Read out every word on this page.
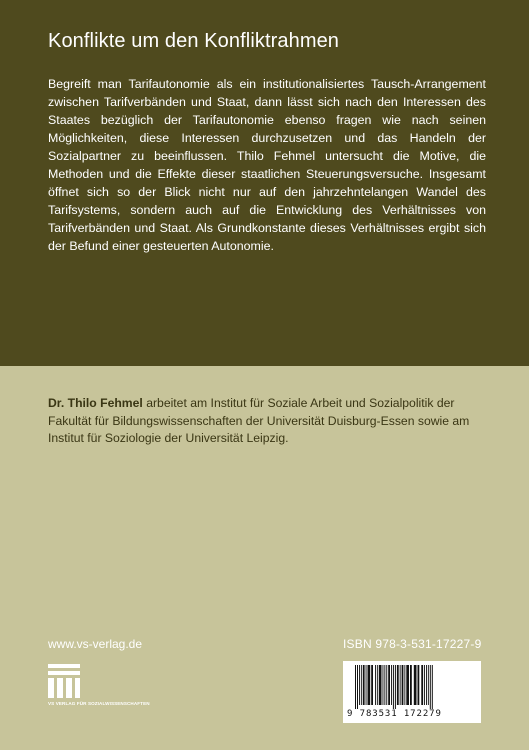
Konflikte um den Konfliktrahmen

Begreift man Tarifautonomie als ein institutionalisiertes Tausch-Arrangement zwischen Tarifverbänden und Staat, dann lässt sich nach den Interessen des Staates bezüglich der Tarifautonomie ebenso fragen wie nach seinen Möglichkeiten, diese Interessen durchzusetzen und das Handeln der Sozialpartner zu beeinflussen. Thilo Fehmel untersucht die Motive, die Methoden und die Effekte dieser staatlichen Steuerungsversuche. Insgesamt öffnet sich so der Blick nicht nur auf den jahrzehntelangen Wandel des Tarifsystems, sondern auch auf die Entwicklung des Verhältnisses von Tarifverbänden und Staat. Als Grundkonstante dieses Verhältnisses ergibt sich der Befund einer gesteuerten Autonomie.

Dr. Thilo Fehmel arbeitet am Institut für Soziale Arbeit und Sozialpolitik der Fakultät für Bildungswissenschaften der Universität Duisburg-Essen sowie am Institut für Soziologie der Universität Leipzig.

www.vs-verlag.de
VS VERLAG FÜR SOZIALWISSENSCHAFTEN
ISBN 978-3-531-17227-9
9 783531 172279
